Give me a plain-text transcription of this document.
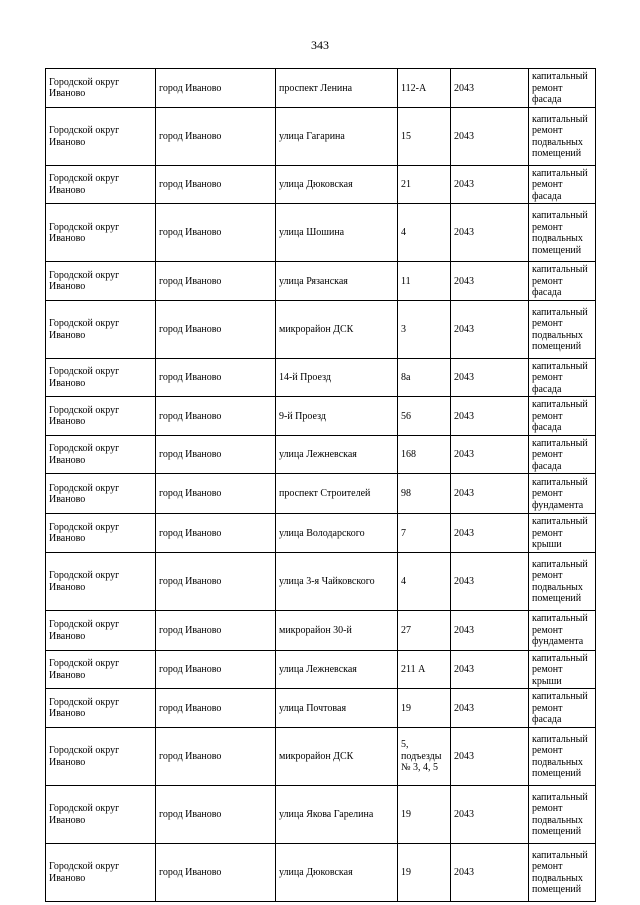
343
Городской округ Иваново	город Иваново	проспект Ленина	112-А	2043	капитальный ремонт фасада
Городской округ Иваново	город Иваново	улица Гагарина	15	2043	капитальный ремонт подвальных помещений
Городской округ Иваново	город Иваново	улица Дюковская	21	2043	капитальный ремонт фасада
Городской округ Иваново	город Иваново	улица Шошина	4	2043	капитальный ремонт подвальных помещений
Городской округ Иваново	город Иваново	улица Рязанская	11	2043	капитальный ремонт фасада
Городской округ Иваново	город Иваново	микрорайон ДСК	3	2043	капитальный ремонт подвальных помещений
Городской округ Иваново	город Иваново	14-й Проезд	8а	2043	капитальный ремонт фасада
Городской округ Иваново	город Иваново	9-й Проезд	56	2043	капитальный ремонт фасада
Городской округ Иваново	город Иваново	улица Лежневская	168	2043	капитальный ремонт фасада
Городской округ Иваново	город Иваново	проспект Строителей	98	2043	капитальный ремонт фундамента
Городской округ Иваново	город Иваново	улица Володарского	7	2043	капитальный ремонт крыши
Городской округ Иваново	город Иваново	улица 3-я Чайковского	4	2043	капитальный ремонт подвальных помещений
Городской округ Иваново	город Иваново	микрорайон 30-й	27	2043	капитальный ремонт фундамента
Городской округ Иваново	город Иваново	улица Лежневская	211 А	2043	капитальный ремонт крыши
Городской округ Иваново	город Иваново	улица Почтовая	19	2043	капитальный ремонт фасада
Городской округ Иваново	город Иваново	микрорайон ДСК	5, подъезды № 3, 4, 5	2043	капитальный ремонт подвальных помещений
Городской округ Иваново	город Иваново	улица Якова Гарелина	19	2043	капитальный ремонт подвальных помещений
Городской округ Иваново	город Иваново	улица Дюковская	19	2043	капитальный ремонт подвальных помещений
